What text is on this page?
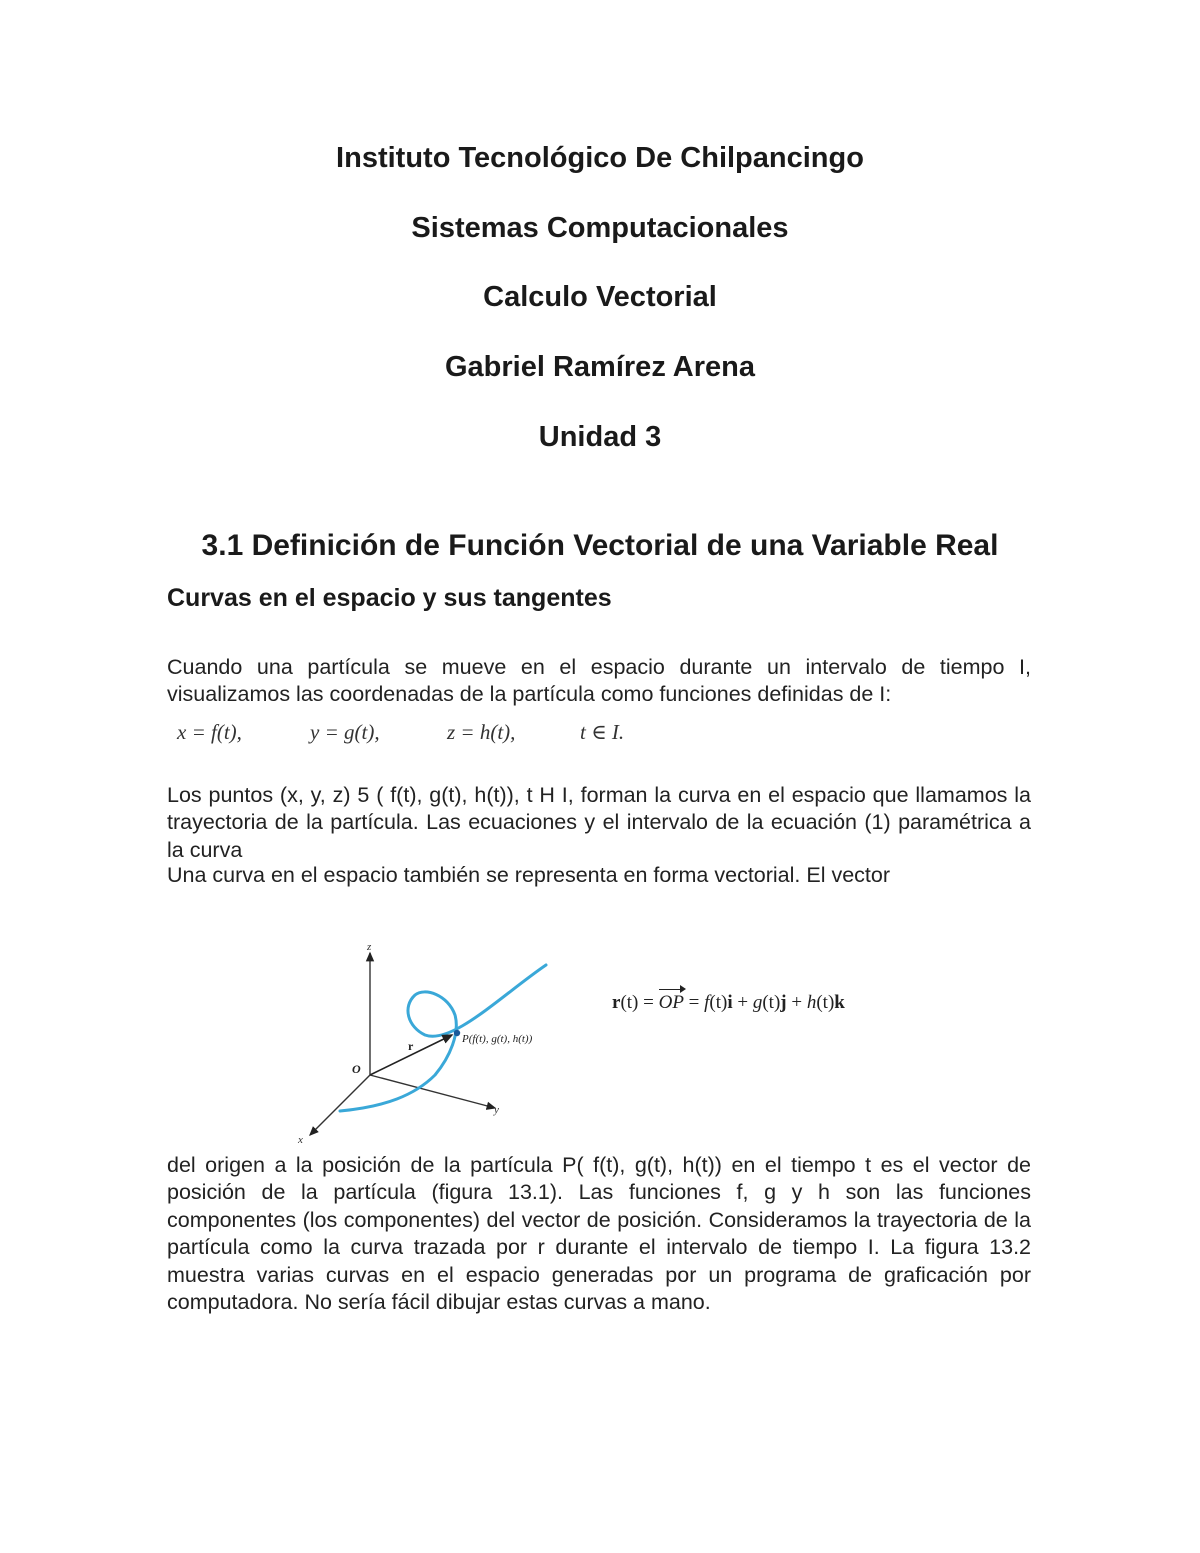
Instituto Tecnológico De Chilpancingo
Sistemas Computacionales
Calculo Vectorial
Gabriel Ramírez Arena
Unidad 3
3.1 Definición de Función Vectorial de una Variable Real
Curvas en el espacio y sus tangentes

Cuando una partícula se mueve en el espacio durante un intervalo de tiempo I, visualizamos las coordenadas de la partícula como funciones definidas de I:

x = f(t),	y = g(t),	z = h(t),	t ∈ I.

Los puntos (x, y, z) 5 ( f(t), g(t), h(t)), t H I, forman la curva en el espacio que llamamos la trayectoria de la partícula. Las ecuaciones y el intervalo de la ecuación (1) paramétrica a la curva

Una curva en el espacio también se representa en forma vectorial. El vector

z
y
x
O
r	P(f(t), g(t), h(t))
r(t) = OP = f(t)i + g(t)j + h(t)k

del origen a la posición de la partícula P( f(t), g(t), h(t)) en el tiempo t es el vector de posición de la partícula (figura 13.1). Las funciones f, g y h son las funciones componentes (los componentes) del vector de posición. Consideramos la trayectoria de la partícula como la curva trazada por r durante el intervalo de tiempo I. La figura 13.2 muestra varias curvas en el espacio generadas por un programa de graficación por computadora. No sería fácil dibujar estas curvas a mano.
